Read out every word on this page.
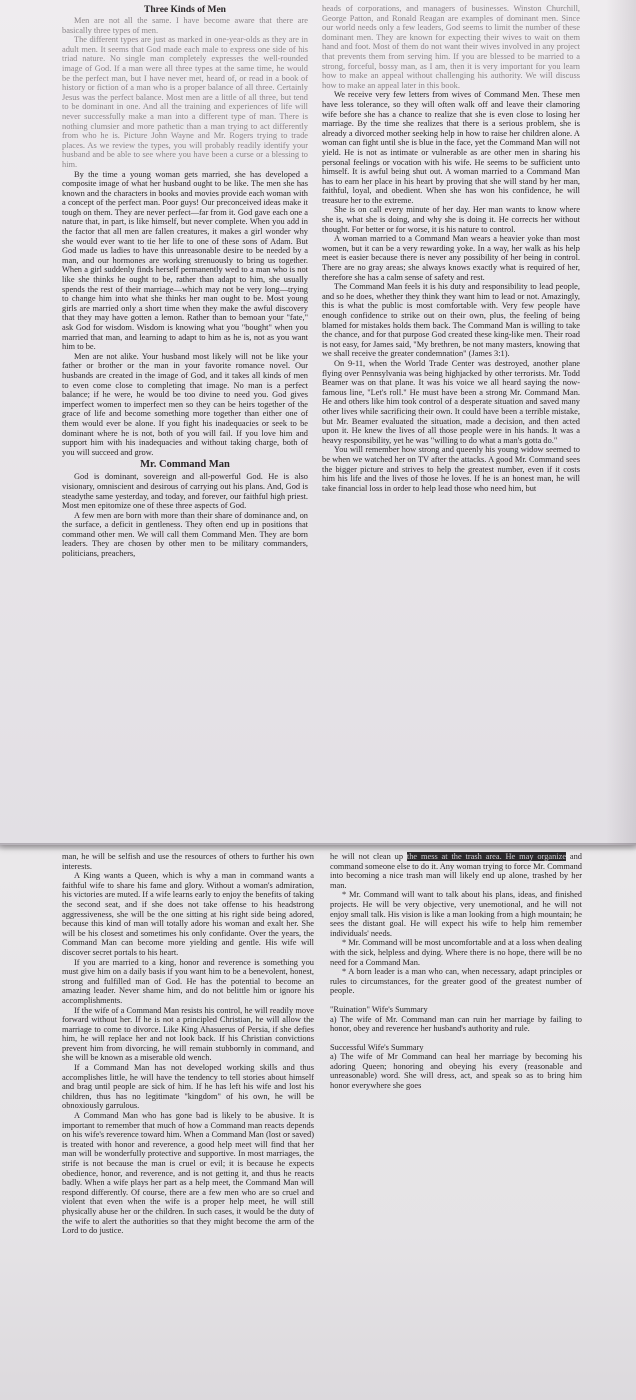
Three Kinds of Men

Men are not all the same. I have become aware that there are basically three types of men.

The different types are just as marked in one-year-olds as they are in adult men. It seems that God made each male to express one side of his triad nature. No single man completely expresses the well-rounded image of God. If a man were all three types at the same time, he would be the perfect man, but I have never met, heard of, or read in a book of history or fiction of a man who is a proper balance of all three. Certainly Jesus was the perfect balance. Most men are a little of all three, but tend to be dominant in one. And all the training and experiences of life will never successfully make a man into a different type of man. There is nothing clumsier and more pathetic than a man trying to act differently from who he is. Picture John Wayne and Mr. Rogers trying to trade places. As we review the types, you will probably readily identify your husband and be able to see where you have been a curse or a blessing to him.

By the time a young woman gets married, she has developed a composite image of what her husband ought to be like. The men she has known and the characters in books and movies provide each woman with a concept of the perfect man. Poor guys! Our preconceived ideas make it tough on them. They are never perfect—far from it. God gave each one a nature that, in part, is like himself, but never complete. When you add in the factor that all men are fallen creatures, it makes a girl wonder why she would ever want to tie her life to one of these sons of Adam. But God made us ladies to have this unreasonable desire to be needed by a man, and our hormones are working strenuously to bring us together. When a girl suddenly finds herself permanently wed to a man who is not like she thinks he ought to be, rather than adapt to him, she usually spends the rest of their marriage—which may not be very long—trying to change him into what she thinks her man ought to be. Most young girls are married only a short time when they make the awful discovery that they may have gotten a lemon. Rather than to bemoan your "fate," ask God for wisdom. Wisdom is knowing what you "bought" when you married that man, and learning to adapt to him as he is, not as you want him to be.

Men are not alike. Your husband most likely will not be like your father or brother or the man in your favorite romance novel. Our husbands are created in the image of God, and it takes all kinds of men to even come close to completing that image. No man is a perfect balance; if he were, he would be too divine to need you. God gives imperfect women to imperfect men so they can be heirs together of the grace of life and become something more together than either one of them would ever be alone. If you fight his inadequacies or seek to be dominant where he is not, both of you will fail. If you love him and support him with his inadequacies and without taking charge, both of you will succeed and grow.

Mr. Command Man

God is dominant, sovereign and all-powerful God. He is also visionary, omniscient and desirous of carrying out his plans. And, God is steadythe same yesterday, and today, and forever, our faithful high priest. Most men epitomize one of these three aspects of God.

A few men are born with more than their share of dominance and, on the surface, a deficit in gentleness. They often end up in positions that command other men. We will call them Command Men. They are born leaders. They are chosen by other men to be military commanders, politicians, preachers,

heads of corporations, and managers of businesses. Winston Churchill, George Patton, and Ronald Reagan are examples of dominant men. Since our world needs only a few leaders, God seems to limit the number of these dominant men. They are known for expecting their wives to wait on them hand and foot. Most of them do not want their wives involved in any project that prevents them from serving him. If you are blessed to be married to a strong, forceful, bossy man, as I am, then it is very important for you learn how to make an appeal without challenging his authority. We will discuss how to make an appeal later in this book.

We receive very few letters from wives of Command Men. These men have less tolerance, so they will often walk off and leave their clamoring wife before she has a chance to realize that she is even close to losing her marriage. By the time she realizes that there is a serious problem, she is already a divorced mother seeking help in how to raise her children alone. A woman can fight until she is blue in the face, yet the Command Man will not yield. He is not as intimate or vulnerable as are other men in sharing his personal feelings or vocation with his wife. He seems to be sufficient unto himself. It is awful being shut out. A woman married to a Command Man has to earn her place in his heart by proving that she will stand by her man, faithful, loyal, and obedient. When she has won his confidence, he will treasure her to the extreme.

She is on call every minute of her day. Her man wants to know where she is, what she is doing, and why she is doing it. He corrects her without thought. For better or for worse, it is his nature to control.

A woman married to a Command Man wears a heavier yoke than most women, but it can be a very rewarding yoke. In a way, her walk as his help meet is easier because there is never any possibility of her being in control. There are no gray areas; she always knows exactly what is required of her, therefore she has a calm sense of safety and rest.

The Command Man feels it is his duty and responsibility to lead people, and so he does, whether they think they want him to lead or not. Amazingly, this is what the public is most comfortable with. Very few people have enough confidence to strike out on their own, plus, the feeling of being blamed for mistakes holds them back. The Command Man is willing to take the chance, and for that purpose God created these king-like men. Their road is not easy, for James said, "My brethren, be not many masters, knowing that we shall receive the greater condemnation" (James 3:1).

On 9-11, when the World Trade Center was destroyed, another plane flying over Pennsylvania was being highjacked by other terrorists. Mr. Todd Beamer was on that plane. It was his voice we all heard saying the now-famous line, "Let's roll." He must have been a strong Mr. Command Man. He and others like him took control of a desperate situation and saved many other lives while sacrificing their own. It could have been a terrible mistake, but Mr. Beamer evaluated the situation, made a decision, and then acted upon it. He knew the lives of all those people were in his hands. It was a heavy responsibility, yet he was "willing to do what a man's gotta do."

You will remember how strong and queenly his young widow seemed to be when we watched her on TV after the attacks. A good Mr. Command sees the bigger picture and strives to help the greatest number, even if it costs him his life and the lives of those he loves. If he is an honest man, he will take financial loss in order to help lead those who need him, but

man, he will be selfish and use the resources of others to further his own interests.

A King wants a Queen, which is why a man in command wants a faithful wife to share his fame and glory. Without a woman's admiration, his victories are muted. If a wife learns early to enjoy the benefits of taking the second seat, and if she does not take offense to his headstrong aggressiveness, she will be the one sitting at his right side being adored, because this kind of man will totally adore his woman and exalt her. She will be his closest and sometimes his only confidante. Over the years, the Command Man can become more yielding and gentle. His wife will discover secret portals to his heart.

If you are married to a king, honor and reverence is something you must give him on a daily basis if you want him to be a benevolent, honest, strong and fulfilled man of God. He has the potential to become an amazing leader. Never shame him, and do not belittle him or ignore his accomplishments.

If the wife of a Command Man resists his control, he will readily move forward without her. If he is not a principled Christian, he will allow the marriage to come to divorce. Like King Ahasuerus of Persia, if she defies him, he will replace her and not look back. If his Christian convictions prevent him from divorcing, he will remain stubbornly in command, and she will be known as a miserable old wench.

If a Command Man has not developed working skills and thus accomplishes little, he will have the tendency to tell stories about himself and brag until people are sick of him. If he has left his wife and lost his children, thus has no legitimate "kingdom" of his own, he will be obnoxiously garrulous.

A Command Man who has gone bad is likely to be abusive. It is important to remember that much of how a Command man reacts depends on his wife's reverence toward him. When a Command Man (lost or saved) is treated with honor and reverence, a good help meet will find that her man will be wonderfully protective and supportive. In most marriages, the strife is not because the man is cruel or evil; it is because he expects obedience, honor, and reverence, and is not getting it, and thus he reacts badly. When a wife plays her part as a help meet, the Command Man will respond differently. Of course, there are a few men who are so cruel and violent that even when the wife is a proper help meet, he will still physically abuse her or the children. In such cases, it would be the duty of the wife to alert the authorities so that they might become the arm of the Lord to do justice.

he will not clean up the mess at the trash area. He may organize and command someone else to do it. Any woman trying to force Mr. Command into becoming a nice trash man will likely end up alone, trashed by her man.

* Mr. Command will want to talk about his plans, ideas, and finished projects. He will be very objective, very unemotional, and he will not enjoy small talk. His vision is like a man looking from a high mountain; he sees the distant goal. He will expect his wife to help him remember individuals' needs.

* Mr. Command will be most uncomfortable and at a loss when dealing with the sick, helpless and dying. Where there is no hope, there will be no need for a Command Man.

* A born leader is a man who can, when necessary, adapt principles or rules to circumstances, for the greater good of the greatest number of people.

"Ruination" Wife's Summary

a) The wife of Mr. Command man can ruin her marriage by failing to honor, obey and reverence her husband's authority and rule.

Successful Wife's Summary

a) The wife of Mr Command can heal her marriage by becoming his adoring Queen; honoring and obeying his every (reasonable and unreasonable) word. She will dress, act, and speak so as to bring him honor everywhere she goes
